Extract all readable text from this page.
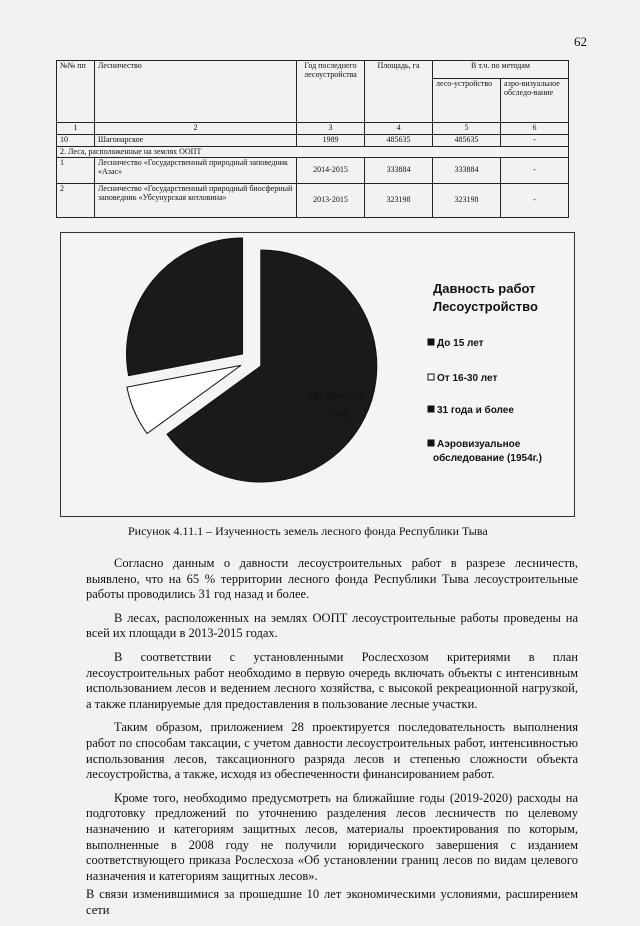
62
№№ пп	Лесничество	Год последнего лесоустройства	Площадь, га	В т.ч. по методам	
				лесо-устройство	аэро-визуальное обследо-вание
1	2	3	4	5	6
10	Шагонарское	1989	485635	485635	-
2. Леса, расположенные на землях ООПТ					
1	Лесничество «Государственный природный заповедник «Азас»	2014-2015	333884	333884	-
2	Лесничество «Государственный природный биосферный заповедник «Убсунурская котловина»	2013-2015	323198	323198	-
763,8тыс.га
7%
Давность работ
Лесоустройство
До 15 лет
От 16-30 лет
31 года и более
Аэровизуальное
обследование (1954г.)
Рисунок 4.11.1 – Изученность земель лесного фонда Республики Тыва

Согласно данным о давности лесоустроительных работ в разрезе лесничеств, выявлено, что на 65 % территории лесного фонда Республики Тыва лесоустроительные работы проводились 31 год назад и более.

В лесах, расположенных на землях ООПТ лесоустроительные работы проведены на всей их площади в 2013-2015 годах.

В соответствии с установленными Рослесхозом критериями в план лесоустроительных работ необходимо в первую очередь включать объекты с интенсивным использованием лесов и ведением лесного хозяйства, с высокой рекреационной нагрузкой, а также планируемые для предоставления в пользование лесные участки.

Таким образом, приложением 28 проектируется последовательность выполнения работ по способам таксации, с учетом давности лесоустроительных работ, интенсивностью использования лесов, таксационного разряда лесов и степенью сложности объекта лесоустройства, а также, исходя из обеспеченности финансированием работ.

Кроме того, необходимо предусмотреть на ближайшие годы (2019-2020) расходы на подготовку предложений по уточнению разделения лесов лесничеств по целевому назначению и категориям защитных лесов, материалы проектирования по которым, выполненные в 2008 году не получили юридического завершения с изданием соответствующего приказа Рослесхоза «Об установлении границ лесов по видам целевого назначения и категориям защитных лесов».

В связи изменившимися за прошедшие 10 лет экономическими условиями, расширением сети
